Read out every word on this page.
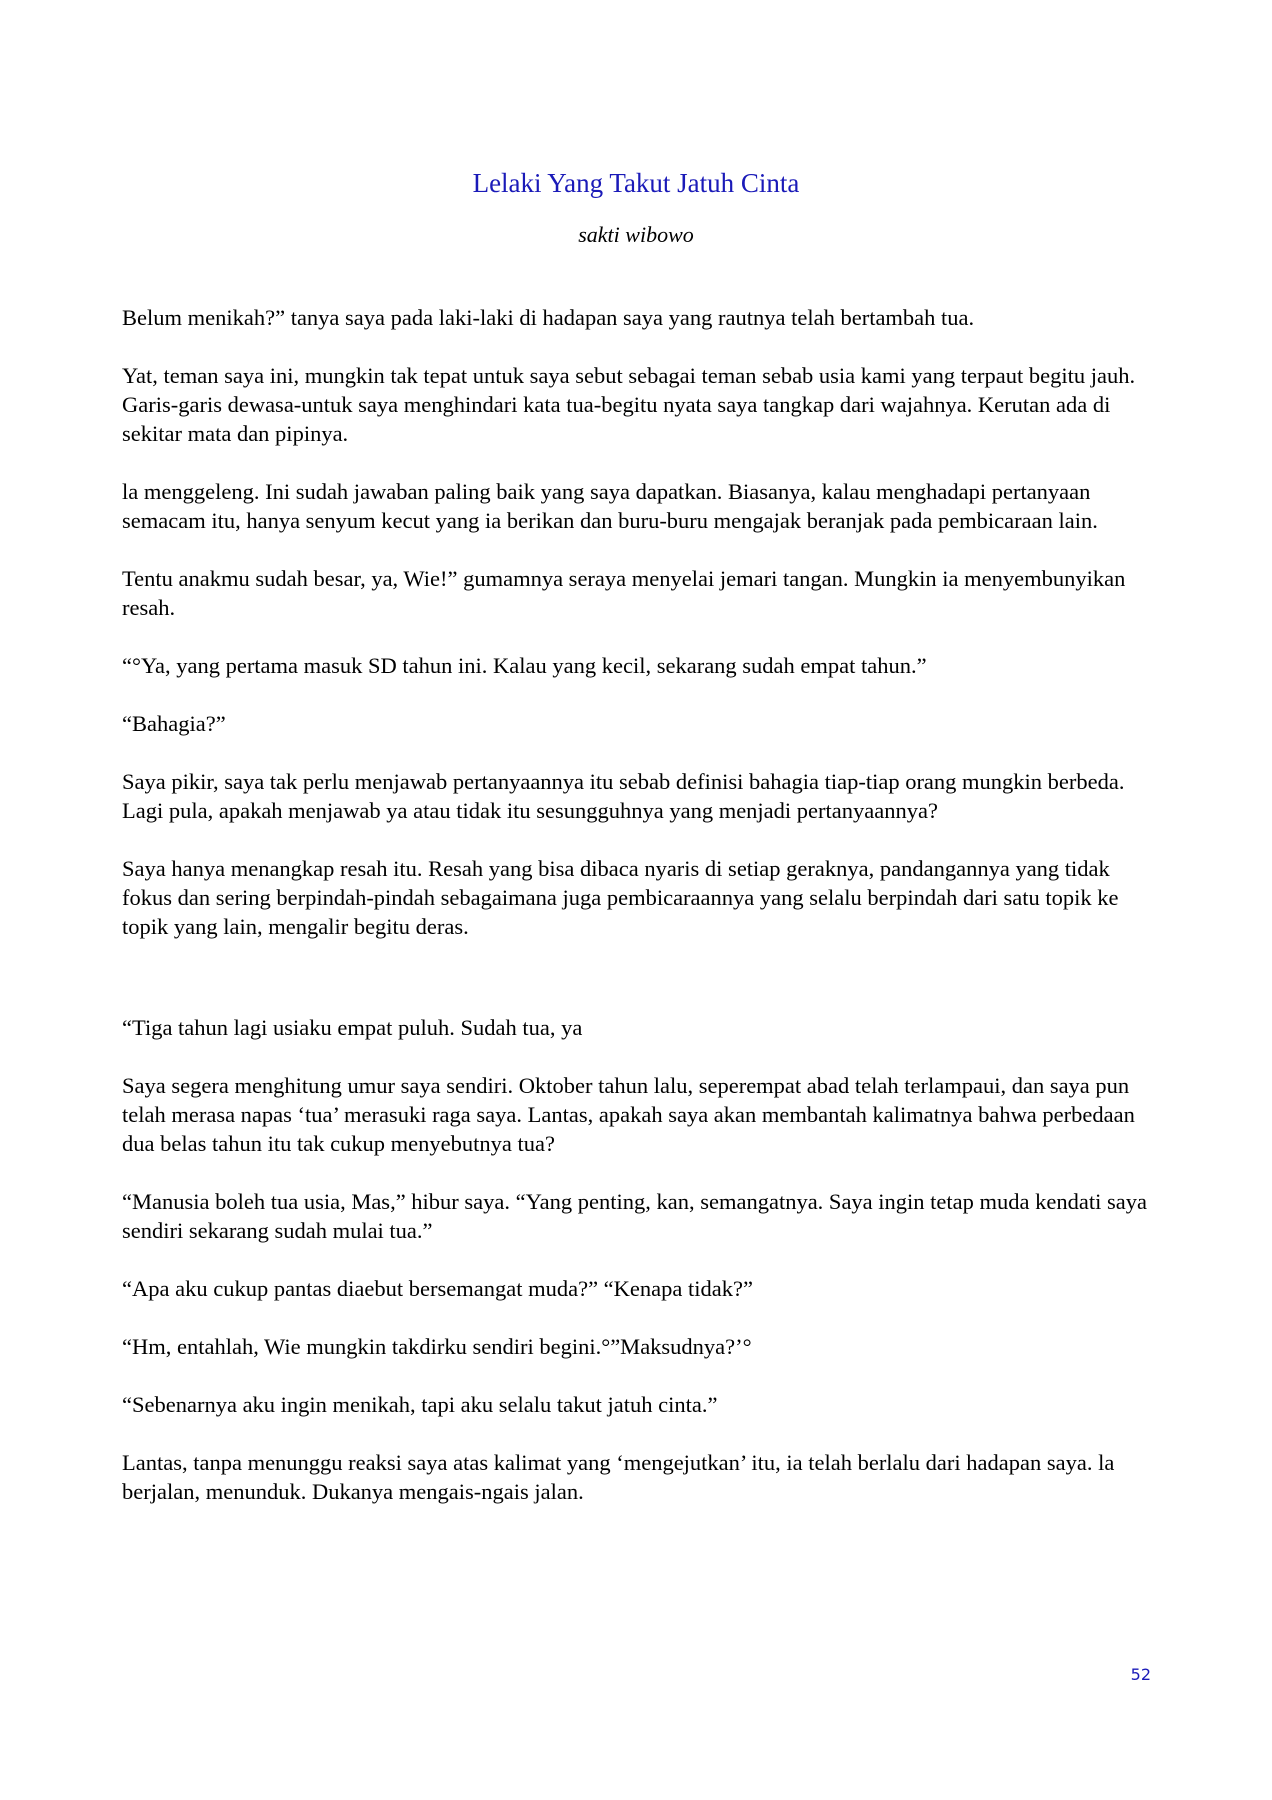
Lelaki Yang Takut Jatuh Cinta
sakti wibowo

Belum menikah?” tanya saya pada laki-laki di hadapan saya yang rautnya telah bertambah tua.

Yat, teman saya ini, mungkin tak tepat untuk saya sebut sebagai teman sebab usia kami yang terpaut begitu jauh. Garis-garis dewasa-untuk saya menghindari kata tua-begitu nyata saya tangkap dari wajahnya. Kerutan ada di sekitar mata dan pipinya.

la menggeleng. Ini sudah jawaban paling baik yang saya dapatkan. Biasanya, kalau menghadapi pertanyaan semacam itu, hanya senyum kecut yang ia berikan dan buru-buru mengajak beranjak pada pembicaraan lain.

Tentu anakmu sudah besar, ya, Wie!” gumamnya seraya menyelai jemari tangan. Mungkin ia menyembunyikan resah.

“°Ya, yang pertama masuk SD tahun ini. Kalau yang kecil, sekarang sudah empat tahun.”

“Bahagia?”

Saya pikir, saya tak perlu menjawab pertanyaannya itu sebab definisi bahagia tiap-tiap orang mungkin berbeda. Lagi pula, apakah menjawab ya atau tidak itu sesungguhnya yang menjadi pertanyaannya?

Saya hanya menangkap resah itu. Resah yang bisa dibaca nyaris di setiap geraknya, pandangannya yang tidak fokus dan sering berpindah-pindah sebagaimana juga pembicaraannya yang selalu berpindah dari satu topik ke topik yang lain, mengalir begitu deras.

“Tiga tahun lagi usiaku empat puluh. Sudah tua, ya

Saya segera menghitung umur saya sendiri. Oktober tahun lalu, seperempat abad telah terlampaui, dan saya pun telah merasa napas ‘tua’ merasuki raga saya. Lantas, apakah saya akan membantah kalimatnya bahwa perbedaan dua belas tahun itu tak cukup menyebutnya tua?

“Manusia boleh tua usia, Mas,” hibur saya. “Yang penting, kan, semangatnya. Saya ingin tetap muda kendati saya sendiri sekarang sudah mulai tua.”

“Apa aku cukup pantas diaebut bersemangat muda?” “Kenapa tidak?”

“Hm, entahlah, Wie mungkin takdirku sendiri begini.°”Maksudnya?’°

“Sebenarnya aku ingin menikah, tapi aku selalu takut jatuh cinta.”

Lantas, tanpa menunggu reaksi saya atas kalimat yang ‘mengejutkan’ itu, ia telah berlalu dari hadapan saya. la berjalan, menunduk. Dukanya mengais-ngais jalan.

52
